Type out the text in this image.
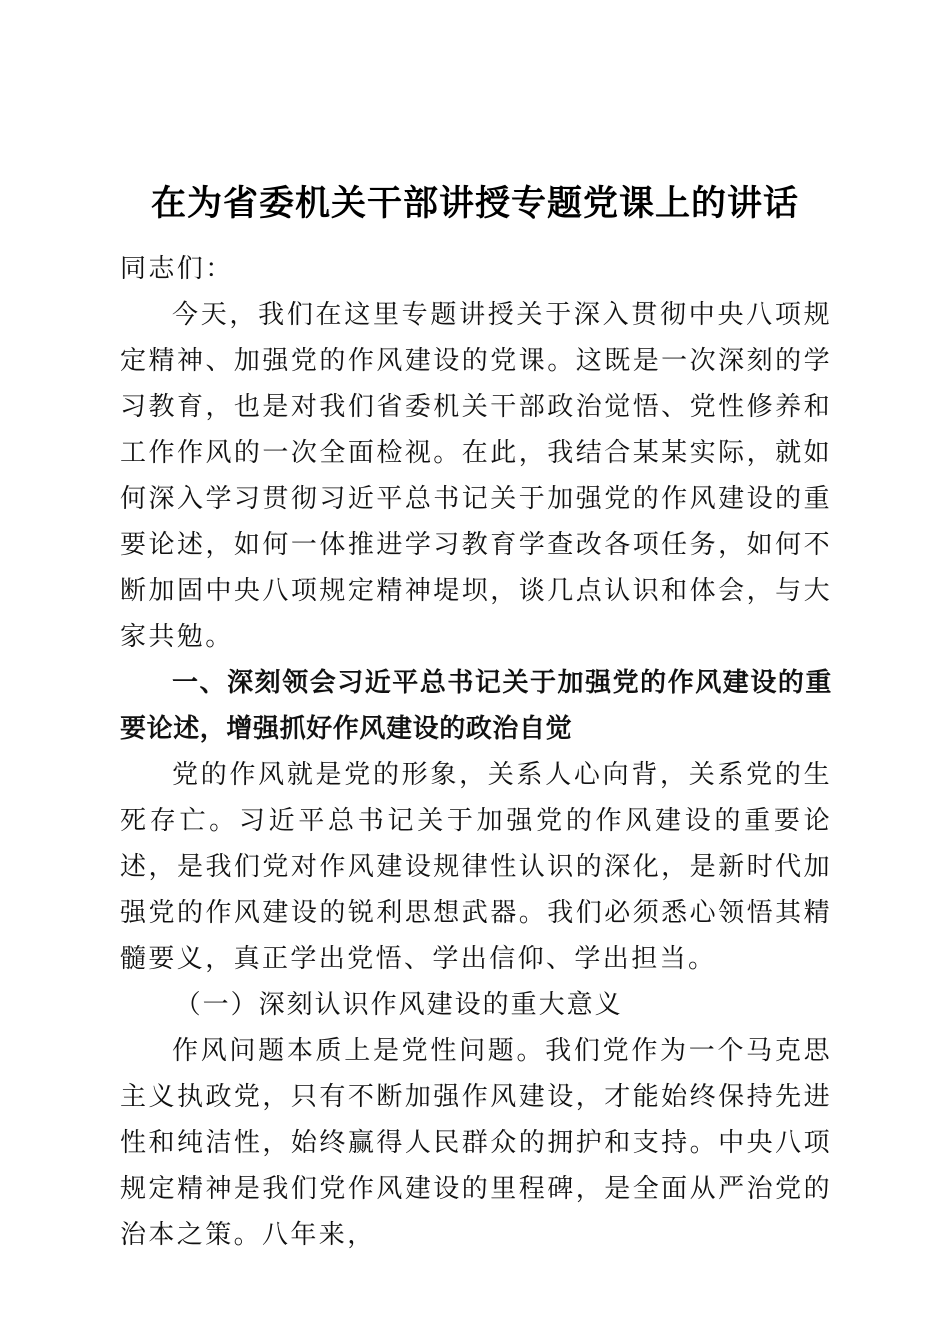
在为省委机关干部讲授专题党课上的讲话

同志们：

今天，我们在这里专题讲授关于深入贯彻中央八项规定精神、加强党的作风建设的党课。这既是一次深刻的学习教育，也是对我们省委机关干部政治觉悟、党性修养和工作作风的一次全面检视。在此，我结合某某实际，就如何深入学习贯彻习近平总书记关于加强党的作风建设的重要论述，如何一体推进学习教育学查改各项任务，如何不断加固中央八项规定精神堤坝，谈几点认识和体会，与大家共勉。

一、深刻领会习近平总书记关于加强党的作风建设的重要论述，增强抓好作风建设的政治自觉

党的作风就是党的形象，关系人心向背，关系党的生死存亡。习近平总书记关于加强党的作风建设的重要论述，是我们党对作风建设规律性认识的深化，是新时代加强党的作风建设的锐利思想武器。我们必须悉心领悟其精髓要义，真正学出党悟、学出信仰、学出担当。

（一）深刻认识作风建设的重大意义

作风问题本质上是党性问题。我们党作为一个马克思主义执政党，只有不断加强作风建设，才能始终保持先进性和纯洁性，始终赢得人民群众的拥护和支持。中央八项规定精神是我们党作风建设的里程碑，是全面从严治党的治本之策。八年来，
